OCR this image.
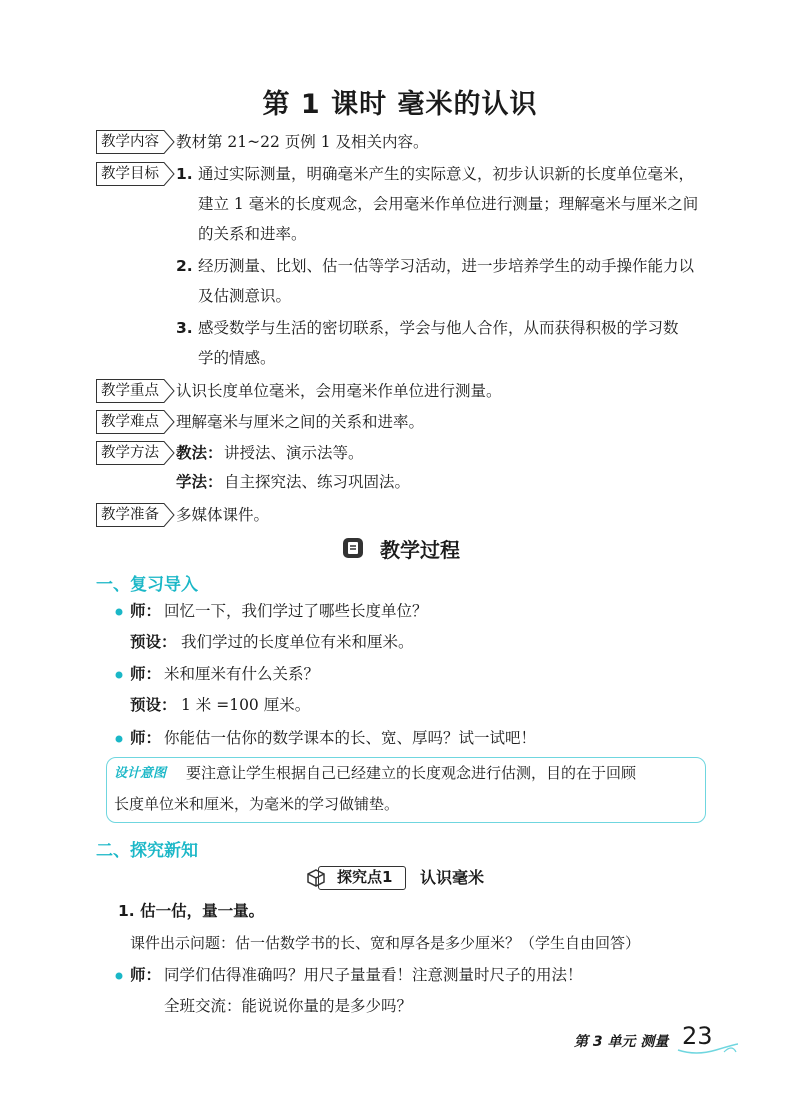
第 1 课时 毫米的认识
教学内容	教材第 21~22 页例 1 及相关内容。
教学目标	1. 通过实际测量，明确毫米产生的实际意义，初步认识新的长度单位毫米，
建立 1 毫米的长度观念，会用毫米作单位进行测量；理解毫米与厘米之间
的关系和进率。
2. 经历测量、比划、估一估等学习活动，进一步培养学生的动手操作能力以
及估测意识。
3. 感受数学与生活的密切联系，学会与他人合作，从而获得积极的学习数
学的情感。
教学重点	认识长度单位毫米，会用毫米作单位进行测量。
教学难点	理解毫米与厘米之间的关系和进率。
教学方法	教法： 讲授法、演示法等。
学法： 自主探究法、练习巩固法。
教学准备	多媒体课件。
教学过程
一、复习导入
师： 回忆一下，我们学过了哪些长度单位？
预设： 我们学过的长度单位有米和厘米。
师： 米和厘米有什么关系？
预设： 1 米 =100 厘米。
师： 你能估一估你的数学课本的长、宽、厚吗？试一试吧！
设计意图 要注意让学生根据自己已经建立的长度观念进行估测，目的在于回顾
长度单位米和厘米，为毫米的学习做铺垫。
二、探究新知
探究点1	认识毫米
1. 估一估，量一量。
课件出示问题：估一估数学书的长、宽和厚各是多少厘米？（学生自由回答）
师： 同学们估得准确吗？用尺子量量看！注意测量时尺子的用法！
全班交流：能说说你量的是多少吗？
第 3 单元 测量 23
